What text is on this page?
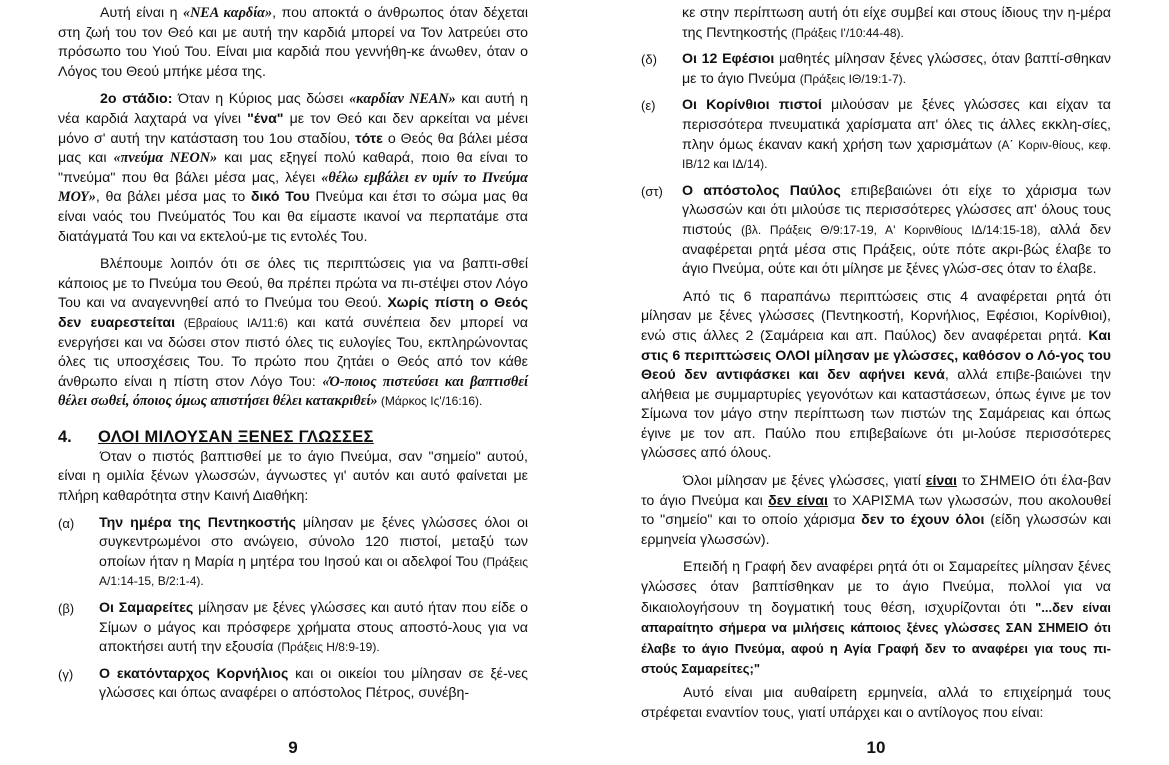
Αυτή είναι η «ΝΕΑ καρδία», που αποκτά ο άνθρωπος όταν δέχεται στη ζωή του τον Θεό και με αυτή την καρδιά μπορεί να Τον λατρεύει στο πρόσωπο του Υιού Του. Είναι μια καρδιά που γεννήθη-κε άνωθεν, όταν ο Λόγος του Θεού μπήκε μέσα της.

2ο στάδιο: Όταν η Κύριος μας δώσει «καρδίαν ΝΕΑΝ» και αυτή η νέα καρδιά λαχταρά να γίνει "ένα" με τον Θεό και δεν αρκείται να μένει μόνο σ' αυτή την κατάσταση του 1ου σταδίου, τότε ο Θεός θα βάλει μέσα μας και «πνεύμα ΝΕΟΝ» και μας εξηγεί πολύ καθαρά, ποιο θα είναι το "πνεύμα" που θα βάλει μέσα μας, λέγει «θέλω εμβάλει εν υμίν το Πνεύμα ΜΟΥ», θα βάλει μέσα μας το δικό Του Πνεύμα και έτσι το σώμα μας θα είναι ναός του Πνεύματός Του και θα είμαστε ικανοί να περπατάμε στα διατάγματά Του και να εκτελού-με τις εντολές Του.

Βλέπουμε λοιπόν ότι σε όλες τις περιπτώσεις για να βαπτι-σθεί κάποιος με το Πνεύμα του Θεού, θα πρέπει πρώτα να πι-στέψει στον Λόγο Του και να αναγεννηθεί από το Πνεύμα του Θεού. Χωρίς πίστη ο Θεός δεν ευαρεστείται (Εβραίους ΙΑ/11:6) και κατά συνέπεια δεν μπορεί να ενεργήσει και να δώσει στον πιστό όλες τις ευλογίες Του, εκπληρώνοντας όλες τις υποσχέσεις Του. Το πρώτο που ζητάει ο Θεός από τον κάθε άνθρωπο είναι η πίστη στον Λόγο Του: «Ό-ποιος πιστεύσει και βαπτισθεί θέλει σωθεί, όποιος όμως απιστήσει θέλει κατακριθεί» (Μάρκος Ις'/16:16).

4.	ΟΛΟΙ ΜΙΛΟΥΣΑΝ ΞΕΝΕΣ ΓΛΩΣΣΕΣ

Όταν ο πιστός βαπτισθεί με το άγιο Πνεύμα, σαν "σημείο" αυτού, είναι η ομιλία ξένων γλωσσών, άγνωστες γι' αυτόν και αυτό φαίνεται με πλήρη καθαρότητα στην Καινή Διαθήκη:

(α)	Την ημέρα της Πεντηκοστής μίλησαν με ξένες γλώσσες όλοι οι συγκεντρωμένοι στο ανώγειο, σύνολο 120 πιστοί, μεταξύ των οποίων ήταν η Μαρία η μητέρα του Ιησού και οι αδελφοί Του (Πράξεις Α/1:14-15, Β/2:1-4).

(β)	Οι Σαμαρείτες μίλησαν με ξένες γλώσσες και αυτό ήταν που είδε ο Σίμων ο μάγος και πρόσφερε χρήματα στους αποστό-λους για να αποκτήσει αυτή την εξουσία (Πράξεις Η/8:9-19).

(γ)	Ο εκατόνταρχος Κορνήλιος και οι οικείοι του μίλησαν σε ξέ-νες γλώσσες και όπως αναφέρει ο απόστολος Πέτρος, συνέβη-

9

κε στην περίπτωση αυτή ότι είχε συμβεί και στους ίδιους την η-μέρα της Πεντηκοστής (Πράξεις Ι'/10:44-48).

(δ)	Οι 12 Εφέσιοι μαθητές μίλησαν ξένες γλώσσες, όταν βαπτί-σθηκαν με το άγιο Πνεύμα (Πράξεις ΙΘ/19:1-7).

(ε)	Οι Κορίνθιοι πιστοί μιλούσαν με ξένες γλώσσες και είχαν τα περισσότερα πνευματικά χαρίσματα απ' όλες τις άλλες εκκλη-σίες, πλην όμως έκαναν κακή χρήση των χαρισμάτων (Α΄ Κοριν-θίους, κεφ. ΙΒ/12 και ΙΔ/14).

(στ)	Ο απόστολος Παύλος επιβεβαιώνει ότι είχε το χάρισμα των γλωσσών και ότι μιλούσε τις περισσότερες γλώσσες απ' όλους τους πιστούς (βλ. Πράξεις Θ/9:17-19, Α' Κορινθίους ΙΔ/14:15-18), αλλά δεν αναφέρεται ρητά μέσα στις Πράξεις, ούτε πότε ακρι-βώς έλαβε το άγιο Πνεύμα, ούτε και ότι μίλησε με ξένες γλώσ-σες όταν το έλαβε.

Από τις 6 παραπάνω περιπτώσεις στις 4 αναφέρεται ρητά ότι μίλησαν με ξένες γλώσσες (Πεντηκοστή, Κορνήλιος, Εφέσιοι, Κορίνθιοι), ενώ στις άλλες 2 (Σαμάρεια και απ. Παύλος) δεν αναφέρεται ρητά. Και στις 6 περιπτώσεις ΟΛΟΙ μίλησαν με γλώσσες, καθόσον ο Λό-γος του Θεού δεν αντιφάσκει και δεν αφήνει κενά, αλλά επιβε-βαιώνει την αλήθεια με συμμαρτυρίες γεγονότων και καταστάσεων, όπως έγινε με τον Σίμωνα τον μάγο στην περίπτωση των πιστών της Σαμάρειας και όπως έγινε με τον απ. Παύλο που επιβεβαίωνε ότι μι-λούσε περισσότερες γλώσσες από όλους.

Όλοι μίλησαν με ξένες γλώσσες, γιατί είναι το ΣΗΜΕΙΟ ότι έλα-βαν το άγιο Πνεύμα και δεν είναι το ΧΑΡΙΣΜΑ των γλωσσών, που ακολουθεί το "σημείο" και το οποίο χάρισμα δεν το έχουν όλοι (είδη γλωσσών και ερμηνεία γλωσσών).

Επειδή η Γραφή δεν αναφέρει ρητά ότι οι Σαμαρείτες μίλησαν ξένες γλώσσες όταν βαπτίσθηκαν με το άγιο Πνεύμα, πολλοί για να δικαιολογήσουν τη δογματική τους θέση, ισχυρίζονται ότι "...δεν είναι απαραίτητο σήμερα να μιλήσεις κάποιος ξένες γλώσσες ΣΑΝ ΣΗΜΕΙΟ ότι έλαβε το άγιο Πνεύμα, αφού η Αγία Γραφή δεν το αναφέρει για τους πι-στούς Σαμαρείτες;"

Αυτό είναι μια αυθαίρετη ερμηνεία, αλλά το επιχείρημά τους στρέφεται εναντίον τους, γιατί υπάρχει και ο αντίλογος που είναι:

10
